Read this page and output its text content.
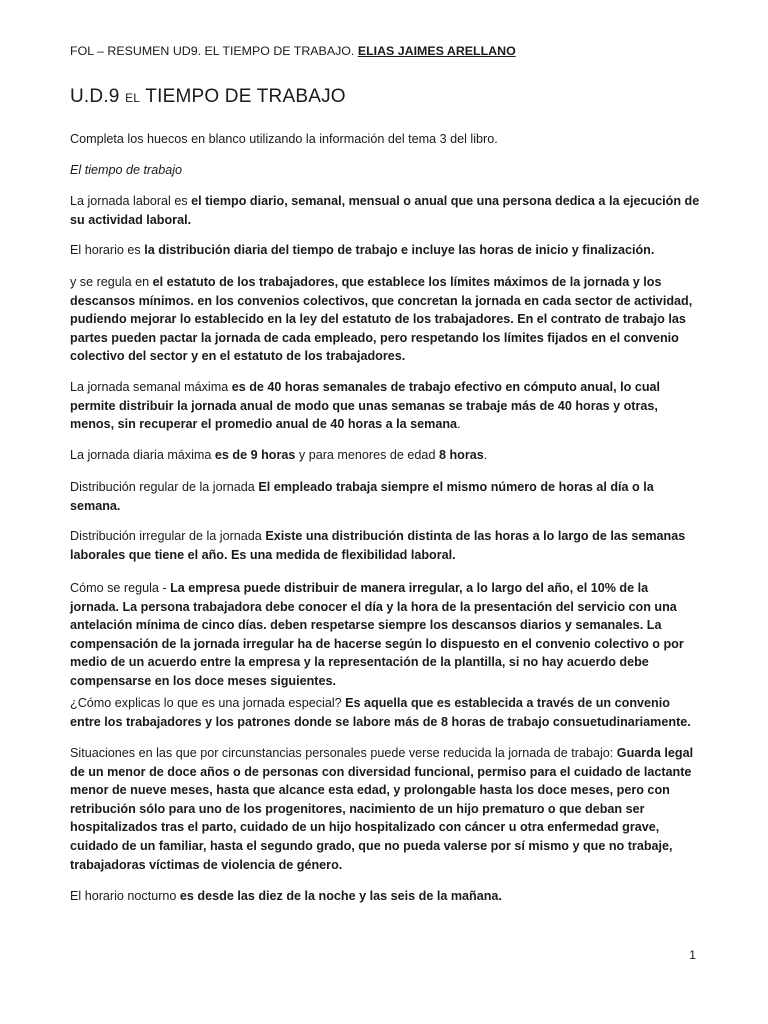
FOL – RESUMEN UD9. EL TIEMPO DE TRABAJO. ELIAS JAIMES ARELLANO
U.D.9 EL TIEMPO DE TRABAJO

Completa los huecos en blanco utilizando la información del tema 3 del libro.

El tiempo de trabajo

La jornada laboral es el tiempo diario, semanal, mensual o anual que una persona dedica a la ejecución de su actividad laboral.

El horario es la distribución diaria del tiempo de trabajo e incluye las horas de inicio y finalización.

y se regula en el estatuto de los trabajadores, que establece los límites máximos de la jornada y los descansos mínimos. en los convenios colectivos, que concretan la jornada en cada sector de actividad, pudiendo mejorar lo establecido en la ley del estatuto de los trabajadores. En el contrato de trabajo las partes pueden pactar la jornada de cada empleado, pero respetando los límites fijados en el convenio colectivo del sector y en el estatuto de los trabajadores.

La jornada semanal máxima es de 40 horas semanales de trabajo efectivo en cómputo anual, lo cual permite distribuir la jornada anual de modo que unas semanas se trabaje más de 40 horas y otras, menos, sin recuperar el promedio anual de 40 horas a la semana.

La jornada diaria máxima es de 9 horas y para menores de edad 8 horas.

Distribución regular de la jornada El empleado trabaja siempre el mismo número de horas al día o la semana.

Distribución irregular de la jornada Existe una distribución distinta de las horas a lo largo de las semanas laborales que tiene el año. Es una medida de flexibilidad laboral.

Cómo se regula - La empresa puede distribuir de manera irregular, a lo largo del año, el 10% de la jornada. La persona trabajadora debe conocer el día y la hora de la presentación del servicio con una antelación mínima de cinco días. deben respetarse siempre los descansos diarios y semanales. La compensación de la jornada irregular ha de hacerse según lo dispuesto en el convenio colectivo o por medio de un acuerdo entre la empresa y la representación de la plantilla, si no hay acuerdo debe compensarse en los doce meses siguientes.

¿Cómo explicas lo que es una jornada especial? Es aquella que es establecida a través de un convenio entre los trabajadores y los patrones donde se labore más de 8 horas de trabajo consuetudinariamente.

Situaciones en las que por circunstancias personales puede verse reducida la jornada de trabajo: Guarda legal de un menor de doce años o de personas con diversidad funcional, permiso para el cuidado de lactante menor de nueve meses, hasta que alcance esta edad, y prolongable hasta los doce meses, pero con retribución sólo para uno de los progenitores, nacimiento de un hijo prematuro o que deban ser hospitalizados tras el parto, cuidado de un hijo hospitalizado con cáncer u otra enfermedad grave, cuidado de un familiar, hasta el segundo grado, que no pueda valerse por sí mismo y que no trabaje, trabajadoras víctimas de violencia de género.

El horario nocturno es desde las diez de la noche y las seis de la mañana.

1
